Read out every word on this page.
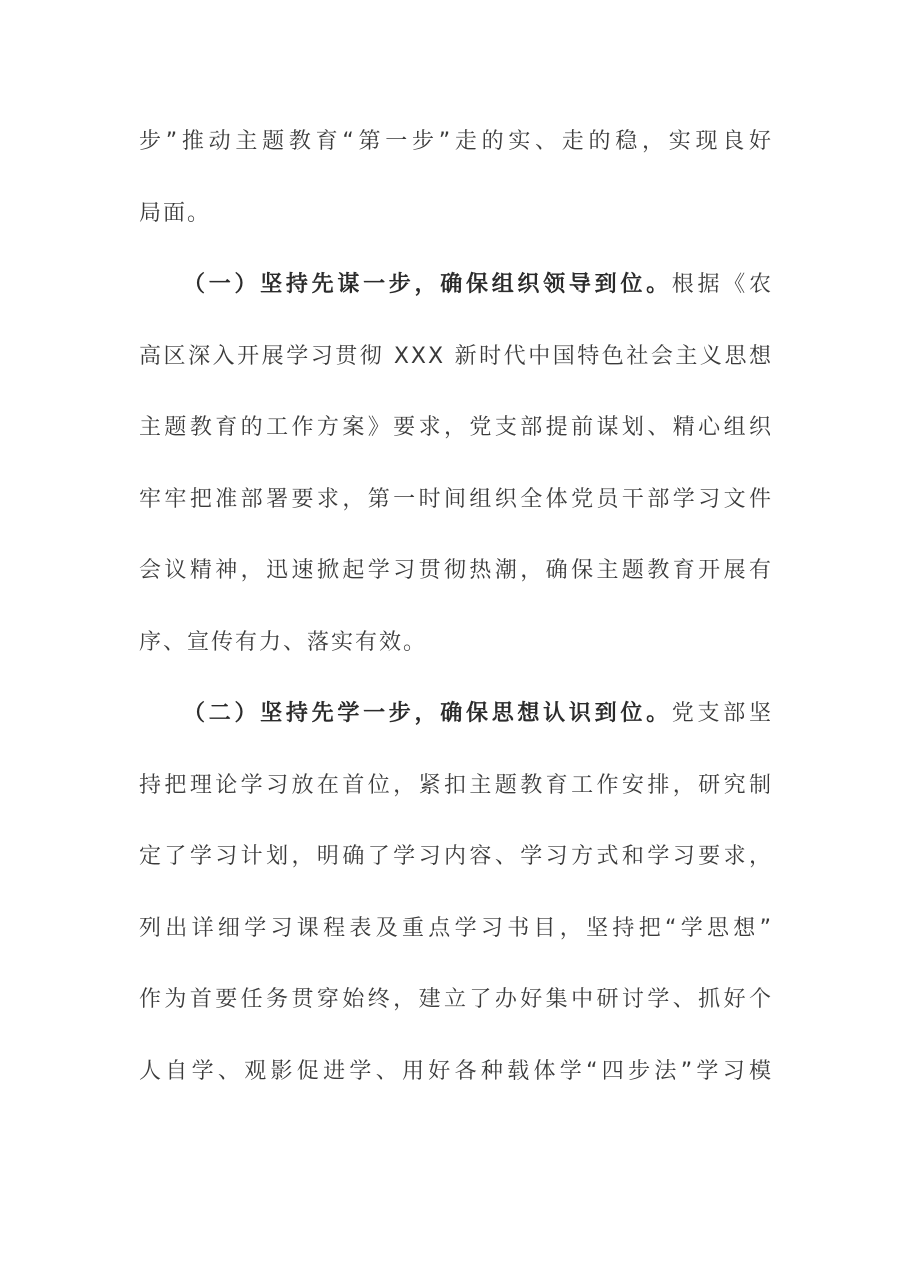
步”推动主题教育“第一步”走的实、走的稳，实现良好
局面。
（一）坚持先谋一步，确保组织领导到位。根据《农
高区深入开展学习贯彻 XXX 新时代中国特色社会主义思想
主题教育的工作方案》要求，党支部提前谋划、精心组织
牢牢把准部署要求，第一时间组织全体党员干部学习文件
会议精神，迅速掀起学习贯彻热潮，确保主题教育开展有
序、宣传有力、落实有效。
（二）坚持先学一步，确保思想认识到位。党支部坚
持把理论学习放在首位，紧扣主题教育工作安排，研究制
定了学习计划，明确了学习内容、学习方式和学习要求，
列出详细学习课程表及重点学习书目，坚持把“学思想”
作为首要任务贯穿始终，建立了办好集中研讨学、抓好个
人自学、观影促进学、用好各种载体学“四步法”学习模
